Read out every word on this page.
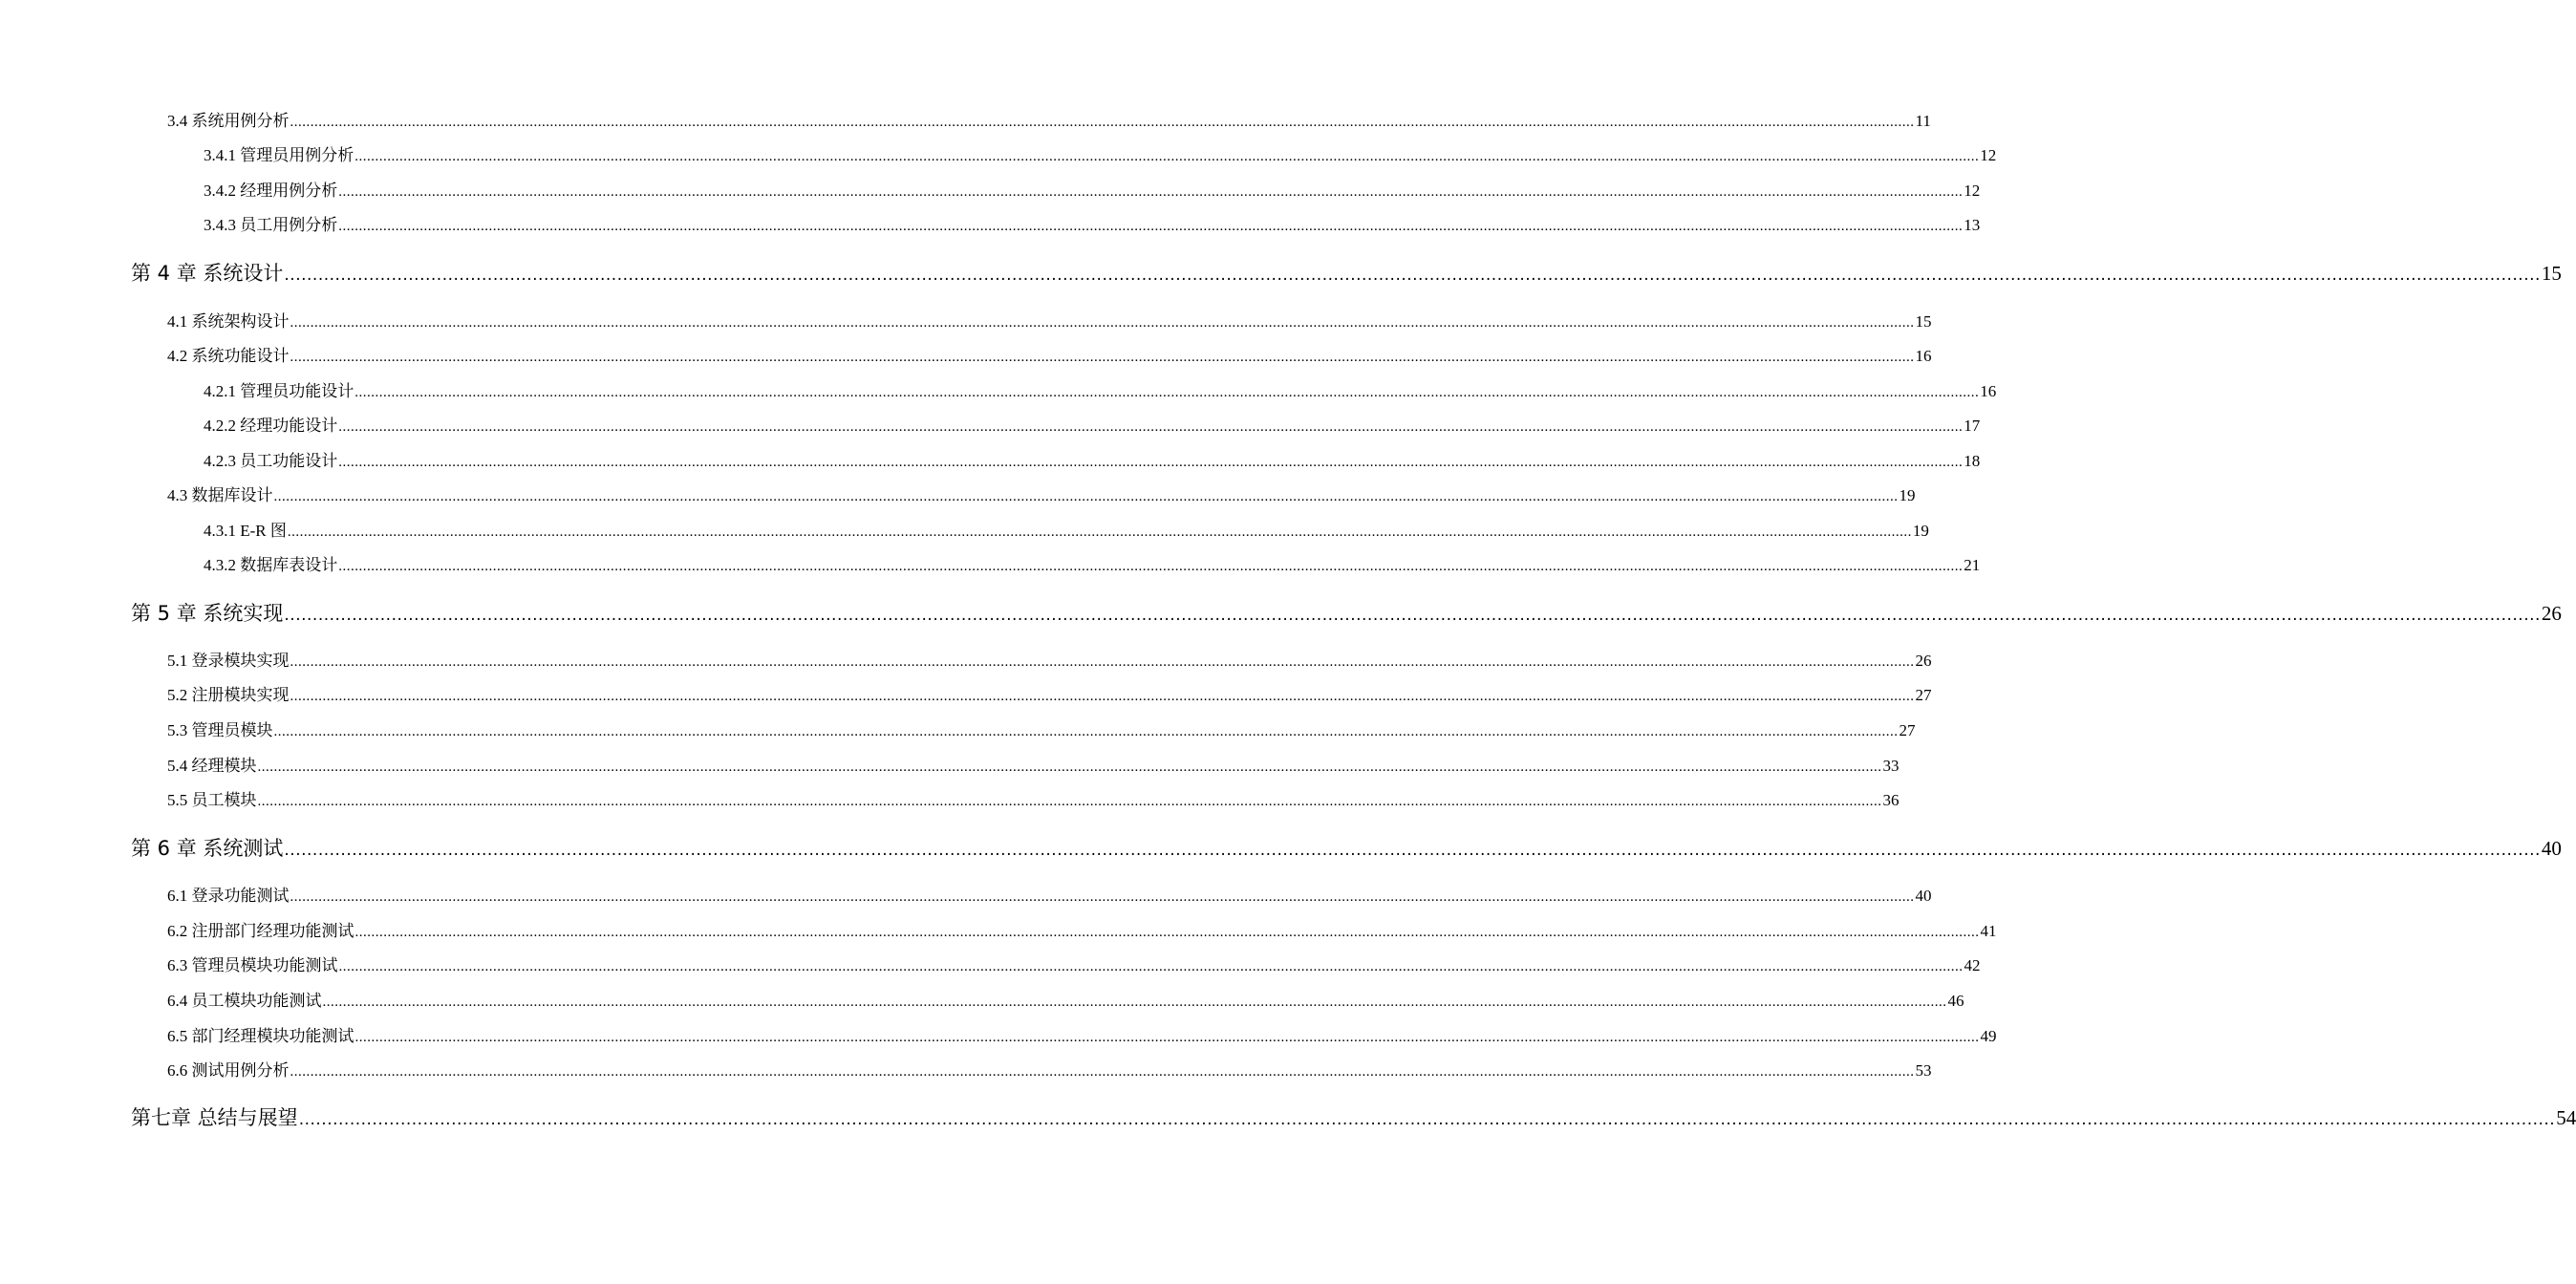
3.4 系统用例分析 ................................................................................................................................................................................................................................................................................................................................................................................................................ 11
3.4.1 管理员用例分析 ................................................................................................................................................................................................................................................................................................................................................................................................................ 12
3.4.2 经理用例分析 ................................................................................................................................................................................................................................................................................................................................................................................................................ 12
3.4.3 员工用例分析 ................................................................................................................................................................................................................................................................................................................................................................................................................ 13
第 4 章 系统设计 ................................................................................................................................................................................................................................................................................................................................................................................................................ 15
4.1 系统架构设计 ................................................................................................................................................................................................................................................................................................................................................................................................................ 15
4.2 系统功能设计 ................................................................................................................................................................................................................................................................................................................................................................................................................ 16
4.2.1 管理员功能设计 ................................................................................................................................................................................................................................................................................................................................................................................................................ 16
4.2.2 经理功能设计 ................................................................................................................................................................................................................................................................................................................................................................................................................ 17
4.2.3 员工功能设计 ................................................................................................................................................................................................................................................................................................................................................................................................................ 18
4.3 数据库设计 ................................................................................................................................................................................................................................................................................................................................................................................................................ 19
4.3.1 E-R 图 ................................................................................................................................................................................................................................................................................................................................................................................................................ 19
4.3.2 数据库表设计 ................................................................................................................................................................................................................................................................................................................................................................................................................ 21
第 5 章 系统实现 ................................................................................................................................................................................................................................................................................................................................................................................................................ 26
5.1 登录模块实现 ................................................................................................................................................................................................................................................................................................................................................................................................................ 26
5.2 注册模块实现 ................................................................................................................................................................................................................................................................................................................................................................................................................ 27
5.3 管理员模块 ................................................................................................................................................................................................................................................................................................................................................................................................................ 27
5.4 经理模块 ................................................................................................................................................................................................................................................................................................................................................................................................................ 33
5.5 员工模块 ................................................................................................................................................................................................................................................................................................................................................................................................................ 36
第 6 章 系统测试 ................................................................................................................................................................................................................................................................................................................................................................................................................ 40
6.1 登录功能测试 ................................................................................................................................................................................................................................................................................................................................................................................................................ 40
6.2 注册部门经理功能测试 ................................................................................................................................................................................................................................................................................................................................................................................................................ 41
6.3 管理员模块功能测试 ................................................................................................................................................................................................................................................................................................................................................................................................................ 42
6.4 员工模块功能测试 ................................................................................................................................................................................................................................................................................................................................................................................................................ 46
6.5 部门经理模块功能测试 ................................................................................................................................................................................................................................................................................................................................................................................................................ 49
6.6 测试用例分析 ................................................................................................................................................................................................................................................................................................................................................................................................................ 53
第七章 总结与展望 ................................................................................................................................................................................................................................................................................................................................................................................................................ 54
